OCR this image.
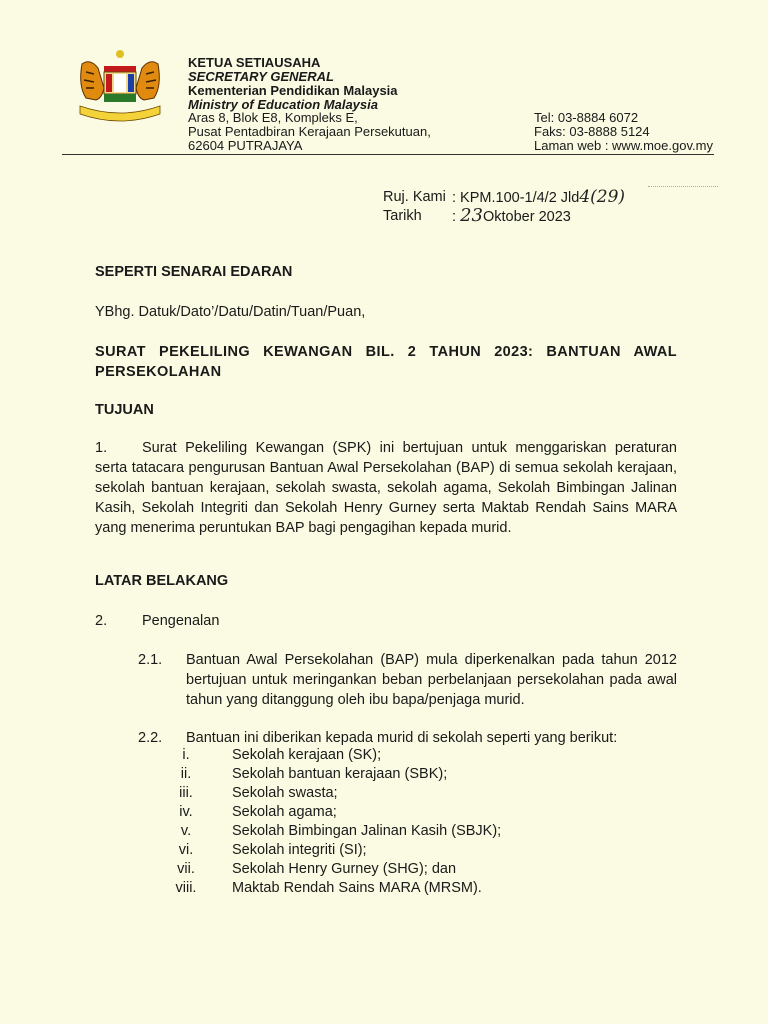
KETUA SETIAUSAHA
SECRETARY GENERAL
Kementerian Pendidikan Malaysia
Ministry of Education Malaysia
Aras 8, Blok E8, Kompleks E,
Pusat Pentadbiran Kerajaan Persekutuan,
62604 PUTRAJAYA
Tel: 03-8884 6072
Faks: 03-8888 5124
Laman web : www.moe.gov.my
Ruj. Kami : KPM.100-1/4/2 Jld4(29)
Tarikh : 23Oktober 2023
SEPERTI SENARAI EDARAN
YBhg. Datuk/Dato’/Datu/Datin/Tuan/Puan,
SURAT PEKELILING KEWANGAN BIL. 2 TAHUN 2023: BANTUAN AWAL PERSEKOLAHAN
TUJUAN
1. Surat Pekeliling Kewangan (SPK) ini bertujuan untuk menggariskan peraturan serta tatacara pengurusan Bantuan Awal Persekolahan (BAP) di semua sekolah kerajaan, sekolah bantuan kerajaan, sekolah swasta, sekolah agama, Sekolah Bimbingan Jalinan Kasih, Sekolah Integriti dan Sekolah Henry Gurney serta Maktab Rendah Sains MARA yang menerima peruntukan BAP bagi pengagihan kepada murid.
LATAR BELAKANG
2. Pengenalan
2.1. Bantuan Awal Persekolahan (BAP) mula diperkenalkan pada tahun 2012 bertujuan untuk meringankan beban perbelanjaan persekolahan pada awal tahun yang ditanggung oleh ibu bapa/penjaga murid.
2.2. Bantuan ini diberikan kepada murid di sekolah seperti yang berikut:
i.	Sekolah kerajaan (SK);
ii.	Sekolah bantuan kerajaan (SBK);
iii.	Sekolah swasta;
iv.	Sekolah agama;
v.	Sekolah Bimbingan Jalinan Kasih (SBJK);
vi.	Sekolah integriti (SI);
vii.	Sekolah Henry Gurney (SHG); dan
viii.	Maktab Rendah Sains MARA (MRSM).
